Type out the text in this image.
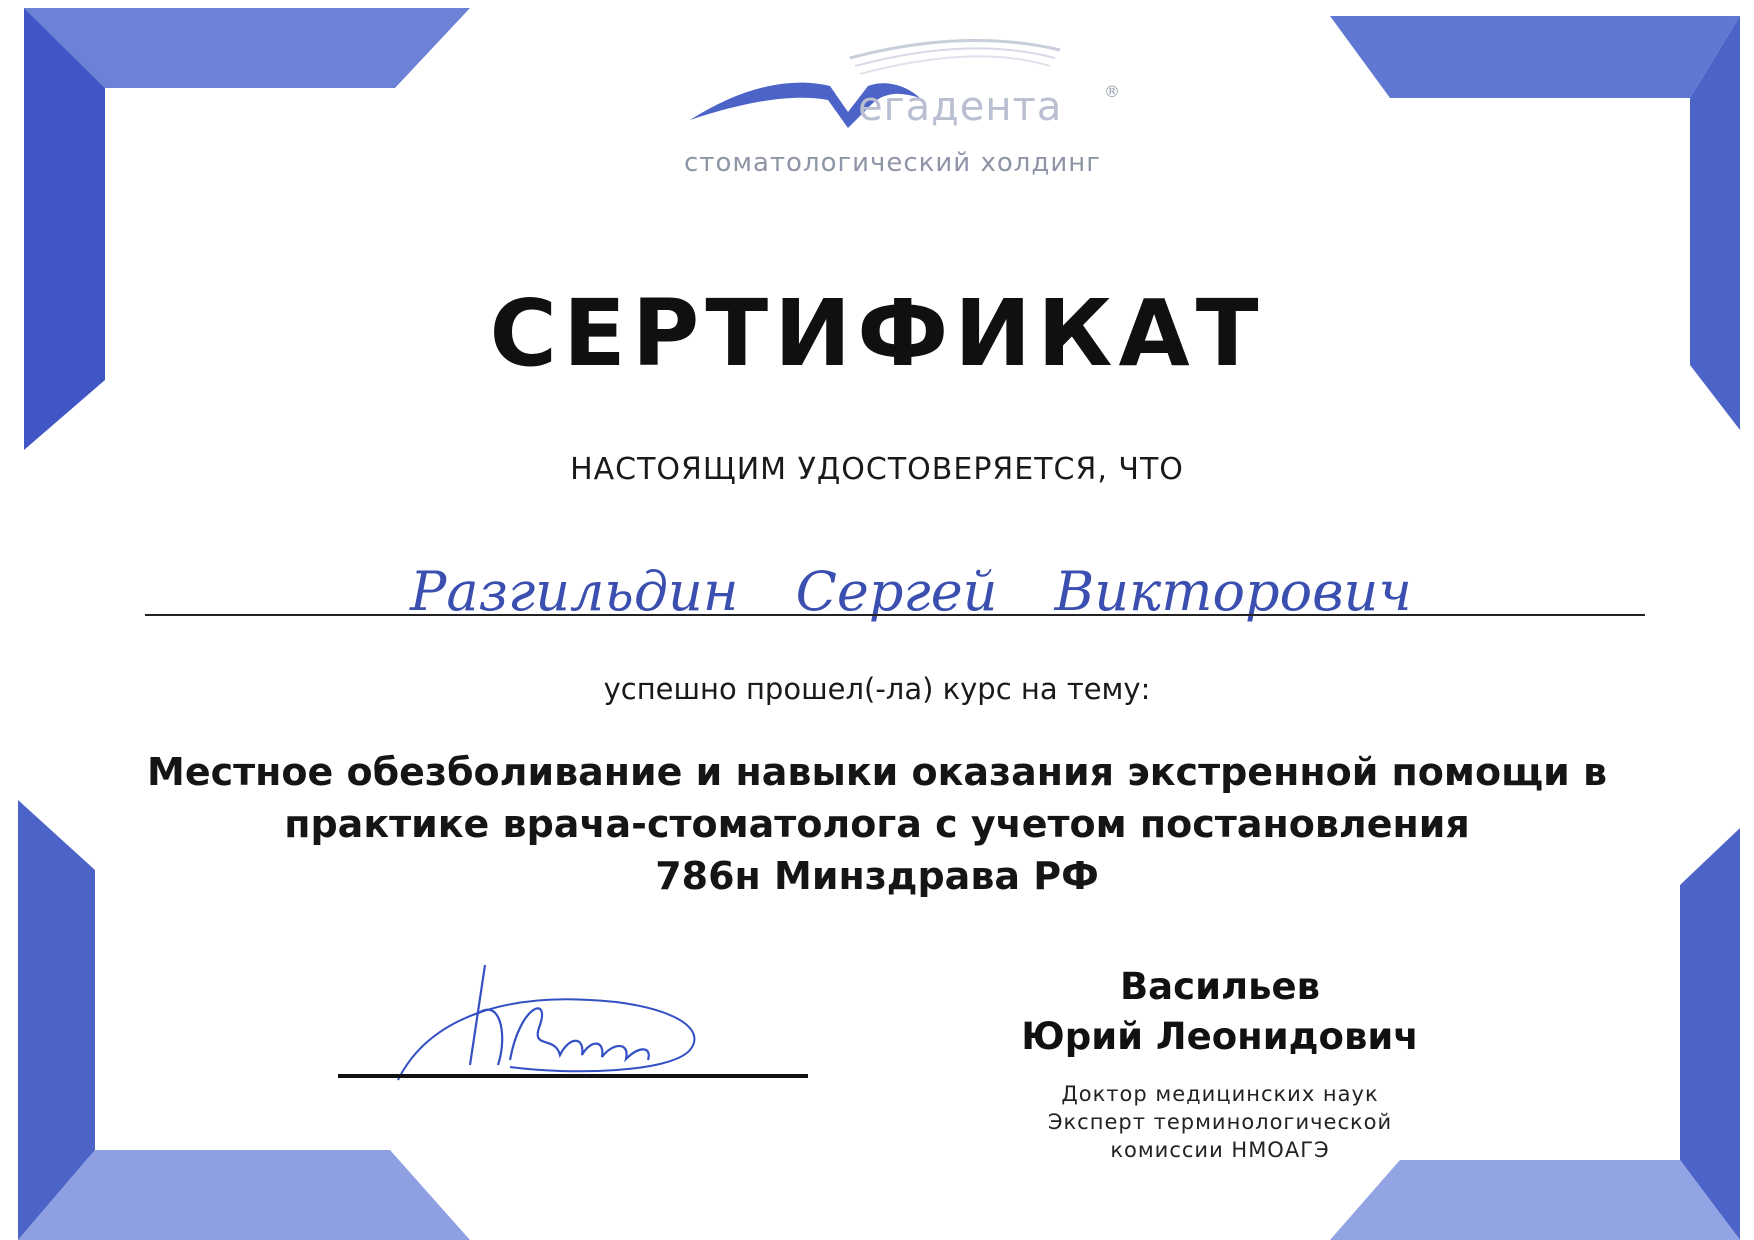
егадента	®
стоматологический холдинг
СЕРТИФИКАТ
НАСТОЯЩИМ УДОСТОВЕРЯЕТСЯ, ЧТО
Разгильдин Сергей Викторович
успешно прошел(-ла) курс на тему:
Местное обезболивание и навыки оказания экстренной помощи в
практике врача-стоматолога с учетом постановления
786н Минздрава РФ
Васильев
Юрий Леонидович
Доктор медицинских наук
Эксперт терминологической
комиссии НМОАГЭ
